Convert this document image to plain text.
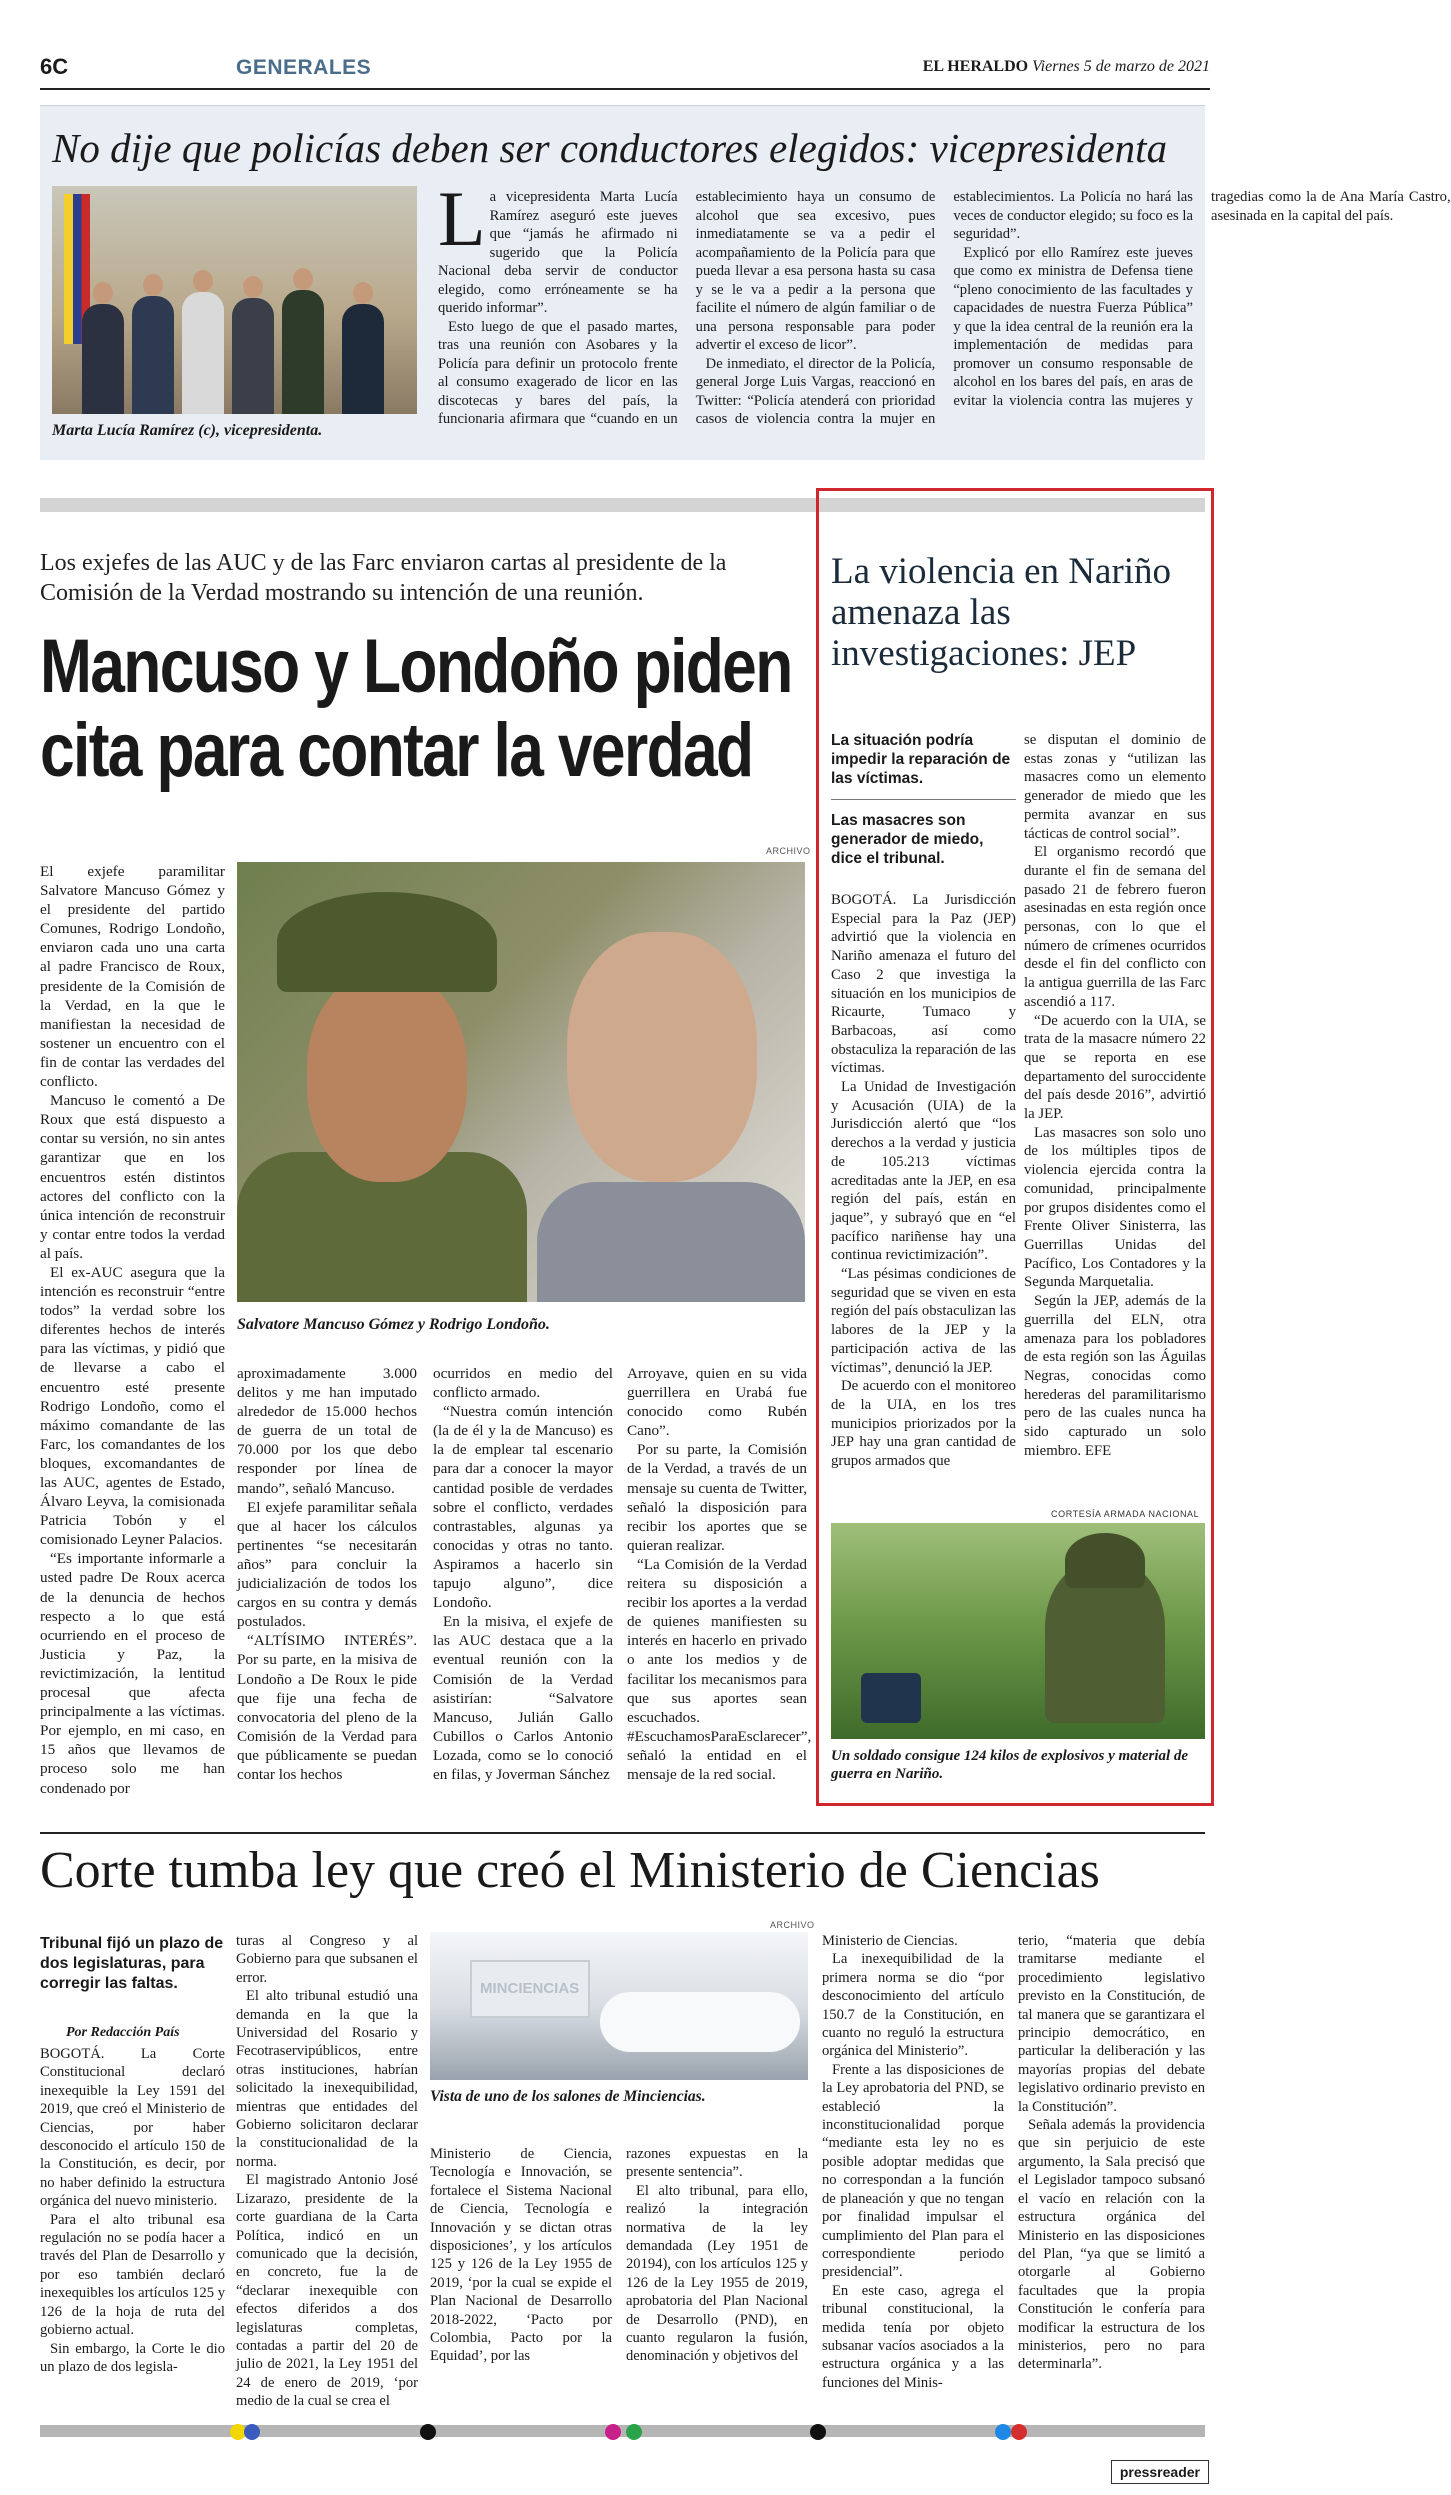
6C	GENERALES	EL HERALDO Viernes 5 de marzo de 2021
No dije que policías deben ser conductores elegidos: vicepresidenta
Marta Lucía Ramírez (c), vicepresidenta.

La vicepresidenta Marta Lucía Ramírez aseguró este jueves que “jamás he afirmado ni sugerido que la Policía Nacional deba servir de conductor elegido, como erróneamente se ha querido informar”.

Esto luego de que el pasado martes, tras una reunión con Asobares y la Policía para definir un protocolo frente al consumo exagerado de licor en las discotecas y bares del país, la funcionaria afirmara que “cuando en un establecimiento haya un consumo de alcohol que sea excesivo, pues inmediatamente se va a pedir el acompañamiento de la Policía para que pueda llevar a esa persona hasta su casa y se le va a pedir a la persona que facilite el número de algún familiar o de una persona responsable para poder advertir el exceso de licor”.

De inmediato, el director de la Policía, general Jorge Luis Vargas, reaccionó en Twitter: “Policía atenderá con prioridad casos de violencia contra la mujer en establecimientos. La Policía no hará las veces de conductor elegido; su foco es la seguridad”.

Explicó por ello Ramírez este jueves que como ex ministra de Defensa tiene “pleno conocimiento de las facultades y capacidades de nuestra Fuerza Pública” y que la idea central de la reunión era la implementación de medidas para promover un consumo responsable de alcohol en los bares del país, en aras de evitar la violencia contra las mujeres y tragedias como la de Ana María Castro, asesinada en la capital del país.

Los exjefes de las AUC y de las Farc enviaron cartas al presidente de la Comisión de la Verdad mostrando su intención de una reunión.
Mancuso y Londoño piden cita para contar la verdad
ARCHIVO
Salvatore Mancuso Gómez y Rodrigo Londoño.

El exjefe paramilitar Salvatore Mancuso Gómez y el presidente del partido Comunes, Rodrigo Londoño, enviaron cada uno una carta al padre Francisco de Roux, presidente de la Comisión de la Verdad, en la que le manifiestan la necesidad de sostener un encuentro con el fin de contar las verdades del conflicto.

Mancuso le comentó a De Roux que está dispuesto a contar su versión, no sin antes garantizar que en los encuentros estén distintos actores del conflicto con la única intención de reconstruir y contar entre todos la verdad al país.

El ex-AUC asegura que la intención es reconstruir “entre todos” la verdad sobre los diferentes hechos de interés para las víctimas, y pidió que de llevarse a cabo el encuentro esté presente Rodrigo Londoño, como el máximo comandante de las Farc, los comandantes de los bloques, excomandantes de las AUC, agentes de Estado, Álvaro Leyva, la comisionada Patricia Tobón y el comisionado Leyner Palacios.

“Es importante informarle a usted padre De Roux acerca de la denuncia de hechos respecto a lo que está ocurriendo en el proceso de Justicia y Paz, la revictimización, la lentitud procesal que afecta principalmente a las víctimas. Por ejemplo, en mi caso, en 15 años que llevamos de proceso solo me han condenado por

aproximadamente 3.000 delitos y me han imputado alrededor de 15.000 hechos de guerra de un total de 70.000 por los que debo responder por línea de mando”, señaló Mancuso.

El exjefe paramilitar señala que al hacer los cálculos pertinentes “se necesitarán años” para concluir la judicialización de todos los cargos en su contra y demás postulados.

“ALTÍSIMO INTERÉS”. Por su parte, en la misiva de Londoño a De Roux le pide que fije una fecha de convocatoria del pleno de la Comisión de la Verdad para que públicamente se puedan contar los hechos

ocurridos en medio del conflicto armado.

“Nuestra común intención (la de él y la de Mancuso) es la de emplear tal escenario para dar a conocer la mayor cantidad posible de verdades sobre el conflicto, verdades contrastables, algunas ya conocidas y otras no tanto. Aspiramos a hacerlo sin tapujo alguno”, dice Londoño.

En la misiva, el exjefe de las AUC destaca que a la eventual reunión con la Comisión de la Verdad asistirían: “Salvatore Mancuso, Julián Gallo Cubillos o Carlos Antonio Lozada, como se lo conoció en filas, y Joverman Sánchez

Arroyave, quien en su vida guerrillera en Urabá fue conocido como Rubén Cano”.

Por su parte, la Comisión de la Verdad, a través de un mensaje su cuenta de Twitter, señaló la disposición para recibir los aportes que se quieran realizar.

“La Comisión de la Verdad reitera su disposición a recibir los aportes a la verdad de quienes manifiesten su interés en hacerlo en privado o ante los medios y de facilitar los mecanismos para que sus aportes sean escuchados. #EscuchamosParaEsclarecer”, señaló la entidad en el mensaje de la red social.

La violencia en Nariño amenaza las investigaciones: JEP
La situación podría impedir la reparación de las víctimas.
Las masacres son generador de miedo, dice el tribunal.

BOGOTÁ. La Jurisdicción Especial para la Paz (JEP) advirtió que la violencia en Nariño amenaza el futuro del Caso 2 que investiga la situación en los municipios de Ricaurte, Tumaco y Barbacoas, así como obstaculiza la reparación de las víctimas.

La Unidad de Investigación y Acusación (UIA) de la Jurisdicción alertó que “los derechos a la verdad y justicia de 105.213 víctimas acreditadas ante la JEP, en esa región del país, están en jaque”, y subrayó que en “el pacífico nariñense hay una continua revictimización”.

“Las pésimas condiciones de seguridad que se viven en esta región del país obstaculizan las labores de la JEP y la participación activa de las víctimas”, denunció la JEP.

De acuerdo con el monitoreo de la UIA, en los tres municipios priorizados por la JEP hay una gran cantidad de grupos armados que

se disputan el dominio de estas zonas y “utilizan las masacres como un elemento generador de miedo que les permita avanzar en sus tácticas de control social”.

El organismo recordó que durante el fin de semana del pasado 21 de febrero fueron asesinadas en esta región once personas, con lo que el número de crímenes ocurridos desde el fin del conflicto con la antigua guerrilla de las Farc ascendió a 117.

“De acuerdo con la UIA, se trata de la masacre número 22 que se reporta en ese departamento del suroccidente del país desde 2016”, advirtió la JEP.

Las masacres son solo uno de los múltiples tipos de violencia ejercida contra la comunidad, principalmente por grupos disidentes como el Frente Oliver Sinisterra, las Guerrillas Unidas del Pacífico, Los Contadores y la Segunda Marquetalia.

Según la JEP, además de la guerrilla del ELN, otra amenaza para los pobladores de esta región son las Águilas Negras, conocidas como herederas del paramilitarismo pero de las cuales nunca ha sido capturado un solo miembro. EFE

CORTESÍA ARMADA NACIONAL
Un soldado consigue 124 kilos de explosivos y material de guerra en Nariño.
Corte tumba ley que creó el Ministerio de Ciencias
Tribunal fijó un plazo de dos legislaturas, para corregir las faltas.
Por Redacción País
ARCHIVO
MINCIENCIAS
Vista de uno de los salones de Minciencias.

BOGOTÁ. La Corte Constitucional declaró inexequible la Ley 1591 del 2019, que creó el Ministerio de Ciencias, por haber desconocido el artículo 150 de la Constitución, es decir, por no haber definido la estructura orgánica del nuevo ministerio.

Para el alto tribunal esa regulación no se podía hacer a través del Plan de Desarrollo y por eso también declaró inexequibles los artículos 125 y 126 de la hoja de ruta del gobierno actual.

Sin embargo, la Corte le dio un plazo de dos legisla-

turas al Congreso y al Gobierno para que subsanen el error.

El alto tribunal estudió una demanda en la que la Universidad del Rosario y Fecotraservipúblicos, entre otras instituciones, habrían solicitado la inexequibilidad, mientras que entidades del Gobierno solicitaron declarar la constitucionalidad de la norma.

El magistrado Antonio José Lizarazo, presidente de la corte guardiana de la Carta Política, indicó en un comunicado que la decisión, en concreto, fue la de “declarar inexequible con efectos diferidos a dos legislaturas completas, contadas a partir del 20 de julio de 2021, la Ley 1951 del 24 de enero de 2019, ‘por medio de la cual se crea el

Ministerio de Ciencia, Tecnología e Innovación, se fortalece el Sistema Nacional de Ciencia, Tecnología e Innovación y se dictan otras disposiciones’, y los artículos 125 y 126 de la Ley 1955 de 2019, ‘por la cual se expide el Plan Nacional de Desarrollo 2018-2022, ‘Pacto por Colombia, Pacto por la Equidad’, por las

razones expuestas en la presente sentencia”.

El alto tribunal, para ello, realizó la integración normativa de la ley demandada (Ley 1951 de 20194), con los artículos 125 y 126 de la Ley 1955 de 2019, aprobatoria del Plan Nacional de Desarrollo (PND), en cuanto regularon la fusión, denominación y objetivos del

Ministerio de Ciencias.

La inexequibilidad de la primera norma se dio “por desconocimiento del artículo 150.7 de la Constitución, en cuanto no reguló la estructura orgánica del Ministerio”.

Frente a las disposiciones de la Ley aprobatoria del PND, se estableció la inconstitucionalidad porque “mediante esta ley no es posible adoptar medidas que no correspondan a la función de planeación y que no tengan por finalidad impulsar el cumplimiento del Plan para el correspondiente periodo presidencial”.

En este caso, agrega el tribunal constitucional, la medida tenía por objeto subsanar vacíos asociados a la estructura orgánica y a las funciones del Minis-

terio, “materia que debía tramitarse mediante el procedimiento legislativo previsto en la Constitución, de tal manera que se garantizara el principio democrático, en particular la deliberación y las mayorías propias del debate legislativo ordinario previsto en la Constitución”.

Señala además la providencia que sin perjuicio de este argumento, la Sala precisó que el Legislador tampoco subsanó el vacío en relación con la estructura orgánica del Ministerio en las disposiciones del Plan, “ya que se limitó a otorgarle al Gobierno facultades que la propia Constitución le confería para modificar la estructura de los ministerios, pero no para determinarla”.

pressreader
